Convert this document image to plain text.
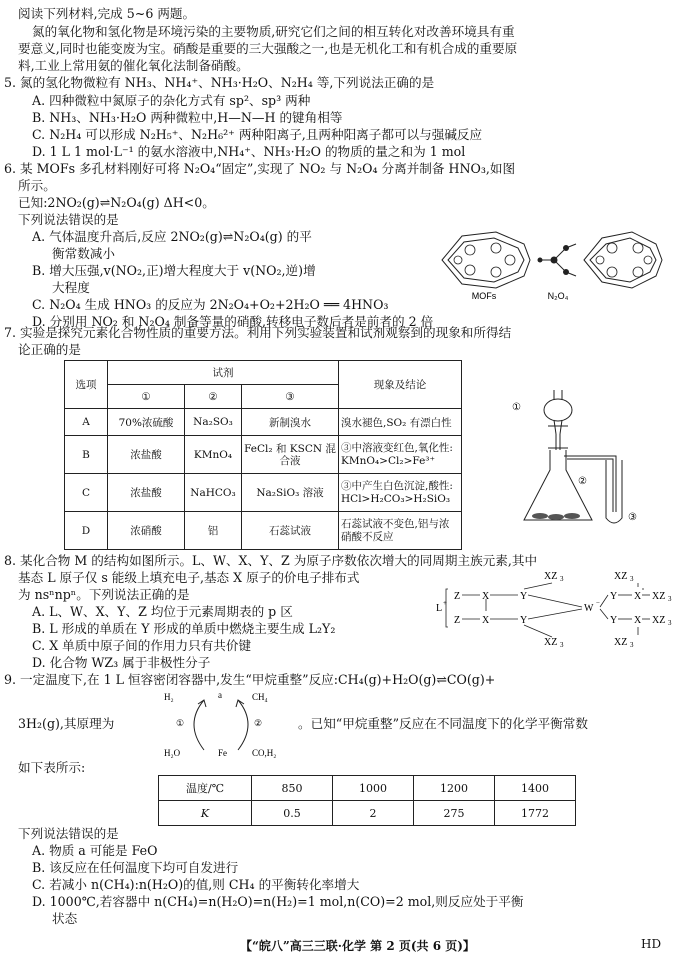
阅读下列材料,完成 5~6 两题。
氮的氧化物和氢化物是环境污染的主要物质,研究它们之间的相互转化对改善环境具有重
要意义,同时也能变废为宝。硝酸是重要的三大强酸之一,也是无机化工和有机合成的重要原
料,工业上常用氨的催化氧化法制备硝酸。
5. 氮的氢化物微粒有 NH₃、NH₄⁺、NH₃·H₂O、N₂H₄ 等,下列说法正确的是
A. 四种微粒中氮原子的杂化方式有 sp²、sp³ 两种
B. NH₃、NH₃·H₂O 两种微粒中,H—N—H 的键角相等
C. N₂H₄ 可以形成 N₂H₅⁺、N₂H₆²⁺ 两种阳离子,且两种阳离子都可以与强碱反应
D. 1 L 1 mol·L⁻¹ 的氨水溶液中,NH₄⁺、NH₃·H₂O 的物质的量之和为 1 mol
6. 某 MOFs 多孔材料刚好可将 N₂O₄“固定”,实现了 NO₂ 与 N₂O₄ 分离并制备 HNO₃,如图
所示。
已知:2NO₂(g)⇌N₂O₄(g) ΔH<0。
下列说法错误的是
A. 气体温度升高后,反应 2NO₂(g)⇌N₂O₄(g) 的平
衡常数减小
B. 增大压强,v(NO₂,正)增大程度大于 v(NO₂,逆)增
大程度
C. N₂O₄ 生成 HNO₃ 的反应为 2N₂O₄+O₂+2H₂O ══ 4HNO₃
D. 分别用 NO₂ 和 N₂O₄ 制备等量的硝酸,转移电子数后者是前者的 2 倍
MOFs	N₂O₄
7. 实验是探究元素化合物性质的重要方法。利用下列实验装置和试剂观察到的现象和所得结
论正确的是
选项	试剂			现象及结论
	①	②	③	
A	70%浓硫酸	Na₂SO₃	新制溴水	溴水褪色,SO₂ 有漂白性
B	浓盐酸	KMnO₄	FeCl₂ 和 KSCN 混合液	③中溶液变红色,氧化性:
KMnO₄>Cl₂>Fe³⁺

C	浓盐酸	NaHCO₃	Na₂SiO₃ 溶液	③中产生白色沉淀,酸性:
HCl>H₂CO₃>H₂SiO₃

D	浓硝酸	铝	石蕊试液	石蕊试液不变色,铝与浓
硝酸不反应
①
②
③
8. 某化合物 M 的结构如图所示。L、W、X、Y、Z 为原子序数依次增大的同周期主族元素,其中
基态 L 原子仅 s 能级上填充电子,基态 X 原子的价电子排布式
为 nsⁿnpⁿ。下列说法正确的是
A. L、W、X、Y、Z 均位于元素周期表的 p 区
B. L 形成的单质在 Y 形成的单质中燃烧主要生成 L₂Y₂
C. X 单质中原子间的作用力只有共价键
D. 化合物 WZ₃ 属于非极性分子
XZ 3	XZ 3
L +
Z
Z
X
X
Y
Y
W −
Y
Y
X
X
XZ 3
XZ 3
XZ 3	XZ 3
9. 一定温度下,在 1 L 恒容密闭容器中,发生“甲烷重整”反应:CH₄(g)+H₂O(g)⇌CO(g)+
3H₂(g),其原理为	。已知“甲烷重整”反应在不同温度下的化学平衡常数
如下表所示:
H₂	a	CH₄
①	②
H₂O	Fe	CO,H₂
温度/℃	850	1000	1200	1400
K	0.5	2	275	1772
下列说法错误的是
A. 物质 a 可能是 FeO
B. 该反应在任何温度下均可自发进行
C. 若减小 n(CH₄):n(H₂O)的值,则 CH₄ 的平衡转化率增大
D. 1000℃,若容器中 n(CH₄)=n(H₂O)=n(H₂)=1 mol,n(CO)=2 mol,则反应处于平衡
状态
【“皖八”高三三联·化学 第 2 页(共 6 页)】	HD
